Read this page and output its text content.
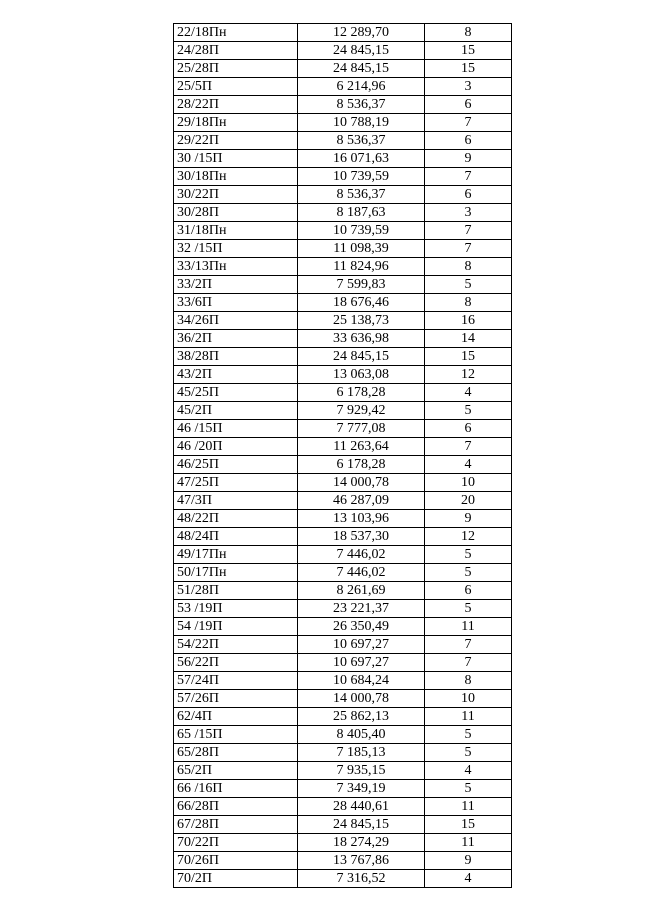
22/18Пн	12 289,70	8
24/28П	24 845,15	15
25/28П	24 845,15	15
25/5П	6 214,96	3
28/22П	8 536,37	6
29/18Пн	10 788,19	7
29/22П	8 536,37	6
30 /15П	16 071,63	9
30/18Пн	10 739,59	7
30/22П	8 536,37	6
30/28П	8 187,63	3
31/18Пн	10 739,59	7
32 /15П	11 098,39	7
33/13Пн	11 824,96	8
33/2П	7 599,83	5
33/6П	18 676,46	8
34/26П	25 138,73	16
36/2П	33 636,98	14
38/28П	24 845,15	15
43/2П	13 063,08	12
45/25П	6 178,28	4
45/2П	7 929,42	5
46 /15П	7 777,08	6
46 /20П	11 263,64	7
46/25П	6 178,28	4
47/25П	14 000,78	10
47/3П	46 287,09	20
48/22П	13 103,96	9
48/24П	18 537,30	12
49/17Пн	7 446,02	5
50/17Пн	7 446,02	5
51/28П	8 261,69	6
53 /19П	23 221,37	5
54 /19П	26 350,49	11
54/22П	10 697,27	7
56/22П	10 697,27	7
57/24П	10 684,24	8
57/26П	14 000,78	10
62/4П	25 862,13	11
65 /15П	8 405,40	5
65/28П	7 185,13	5
65/2П	7 935,15	4
66 /16П	7 349,19	5
66/28П	28 440,61	11
67/28П	24 845,15	15
70/22П	18 274,29	11
70/26П	13 767,86	9
70/2П	7 316,52	4
